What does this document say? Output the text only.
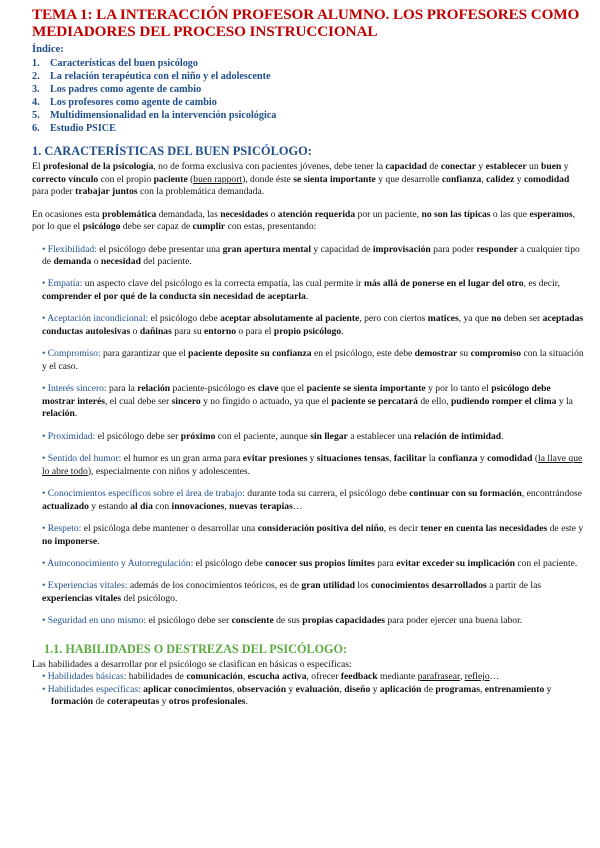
TEMA 1: LA INTERACCIÓN PROFESOR ALUMNO. LOS PROFESORES COMO MEDIADORES DEL PROCESO INSTRUCCIONAL
Índice:
1. Características del buen psicólogo
2. La relación terapéutica con el niño y el adolescente
3. Los padres como agente de cambio
4. Los profesores como agente de cambio
5. Multidimensionalidad en la intervención psicológica
6. Estudio PSICE
1. CARACTERÍSTICAS DEL BUEN PSICÓLOGO:

El profesional de la psicología, no de forma exclusiva con pacientes jóvenes, debe tener la capacidad de conectar y establecer un buen y correcto vínculo con el propio paciente (buen rapport), donde éste se sienta importante y que desarrolle confianza, calidez y comodidad para poder trabajar juntos con la problemática demandada.

En ocasiones esta problemática demandada, las necesidades o atención requerida por un paciente, no son las típicas o las que esperamos, por lo que el psicólogo debe ser capaz de cumplir con estas, presentando:

• Flexibilidad: el psicólogo debe presentar una gran apertura mental y capacidad de improvisación para poder responder a cualquier tipo de demanda o necesidad del paciente.

• Empatía: un aspecto clave del psicólogo es la correcta empatía, las cual permite ir más allá de ponerse en el lugar del otro, es decir, comprender el por qué de la conducta sin necesidad de aceptarla.

• Aceptación incondicional: el psicólogo debe aceptar absolutamente al paciente, pero con ciertos matices, ya que no deben ser aceptadas conductas autolesivas o dañinas para su entorno o para el propio psicólogo.

• Compromiso: para garantizar que el paciente deposite su confianza en el psicólogo, este debe demostrar su compromiso con la situación y el caso.

• Interés sincero: para la relación paciente-psicólogo es clave que el paciente se sienta importante y por lo tanto el psicólogo debe mostrar interés, el cual debe ser sincero y no fingido o actuado, ya que el paciente se percatará de ello, pudiendo romper el clima y la relación.

• Proximidad: el psicólogo debe ser próximo con el paciente, aunque sin llegar a establecer una relación de intimidad.

• Sentido del humor: el humor es un gran arma para evitar presiones y situaciones tensas, facilitar la confianza y comodidad (la llave que lo abre todo), especialmente con niños y adolescentes.

• Conocimientos específicos sobre el área de trabajo: durante toda su carrera, el psicólogo debe continuar con su formación, encontrándose actualizado y estando al día con innovaciones, nuevas terapias…

• Respeto: el psicóloga debe mantener o desarrollar una consideración positiva del niño, es decir tener en cuenta las necesidades de este y no imponerse.

• Autoconocimiento y Autorregulación: el psicólogo debe conocer sus propios límites para evitar exceder su implicación con el paciente.

• Experiencias vitales: además de los conocimientos teóricos, es de gran utilidad los conocimientos desarrollados a partir de las experiencias vitales del psicólogo.

• Seguridad en uno mismo: el psicólogo debe ser consciente de sus propias capacidades para poder ejercer una buena labor.

1.1. HABILIDADES O DESTREZAS DEL PSICÓLOGO:

Las habilidades a desarrollar por el psicólogo se clasifican en básicas o específicas:

• Habilidades básicas: habilidades de comunicación, escucha activa, ofrecer feedback mediante parafrasear, reflejo…

• Habilidades específicas: aplicar conocimientos, observación y evaluación, diseño y aplicación de programas, entrenamiento y formación de coterapeutas y otros profesionales.
